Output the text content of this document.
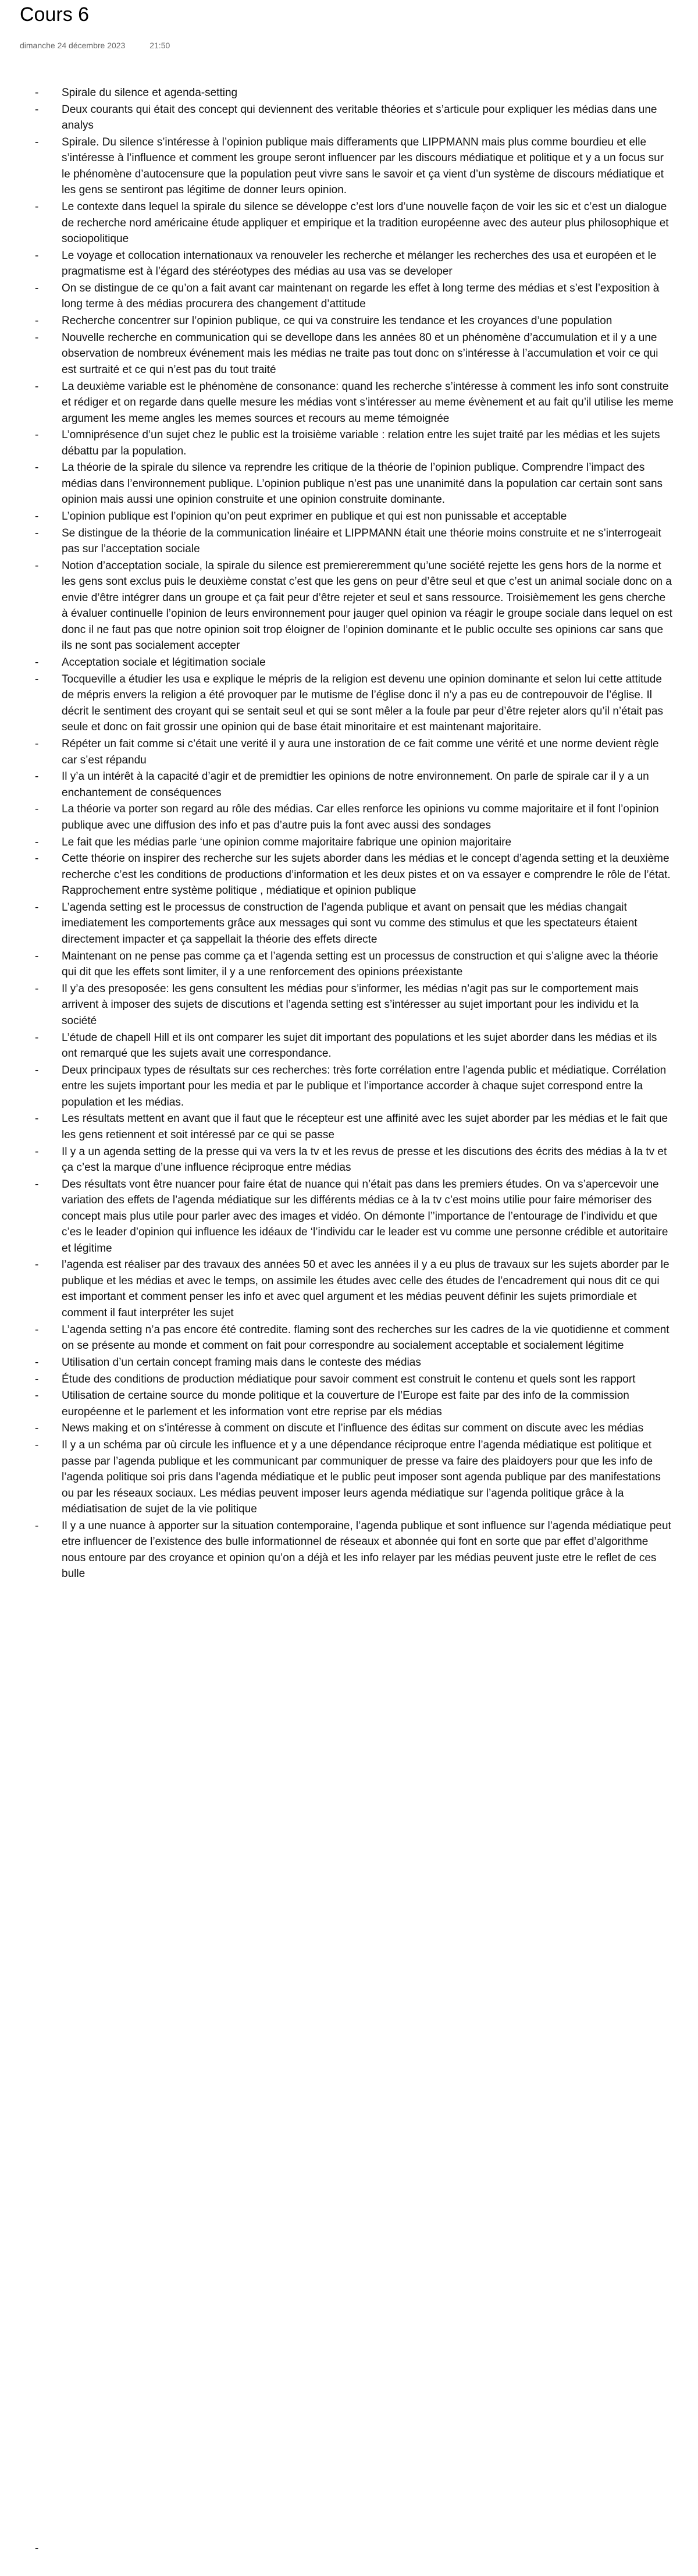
Cours 6
dimanche 24 décembre 2023	21:50
- Spirale du silence et agenda-setting
- Deux courants qui était des concept qui deviennent des veritable théories et s’articule pour expliquer les médias dans une analys
- Spirale. Du silence s’intéresse à l’opinion publique mais differaments que LIPPMANN mais plus comme bourdieu et elle s’intéresse à l’influence et comment les groupe seront influencer par les discours médiatique et politique et y a un focus sur le phénomène d’autocensure que la population peut vivre sans le savoir et ça vient d’un système de discours médiatique et les gens se sentiront pas légitime de donner leurs opinion.
- Le contexte dans lequel la spirale du silence se développe c’est lors d’une nouvelle façon de voir les sic et c’est un dialogue de recherche nord américaine étude appliquer et empirique et la tradition européenne avec des auteur plus philosophique et sociopolitique
- Le voyage et collocation internationaux va renouveler les recherche et mélanger les recherches des usa et européen et le pragmatisme est à l’égard des stéréotypes des médias au usa vas se developer
- On se distingue de ce qu’on a fait avant car maintenant on regarde les effet à long terme des médias et s’est l’exposition à long terme à des médias procurera des changement d’attitude
- Recherche concentrer sur l’opinion publique, ce qui va construire les tendance et les croyances d’une population
- Nouvelle recherche en communication qui se devellope dans les années 80 et un phénomène d’accumulation et il y a une observation de nombreux événement mais les médias ne traite pas tout donc on s’intéresse à l’accumulation et voir ce qui est surtraité et ce qui n’est pas du tout traité
- La deuxième variable est le phénomène de consonance: quand les recherche s’intéresse à comment les info sont construite et rédiger et on regarde dans quelle mesure les médias vont s’intéresser au meme évènement et au fait qu’il utilise les meme argument les meme angles les memes sources et recours au meme témoignée
- L’omniprésence d’un sujet chez le public est la troisième variable : relation entre les sujet traité par les médias et les sujets débattu par la population.
- La théorie de la spirale du silence va reprendre les critique de la théorie de l’opinion publique. Comprendre l’impact des médias dans l’environnement publique. L’opinion publique n’est pas une unanimité dans la population car certain sont sans opinion mais aussi une opinion construite et une opinion construite dominante.
- L’opinion publique est l’opinion qu’on peut exprimer en publique et qui est non punissable et acceptable
- Se distingue de la théorie de la communication linéaire et LIPPMANN était une théorie moins construite et ne s’interrogeait pas sur l’acceptation sociale
- Notion d’acceptation sociale, la spirale du silence est premiereremment qu’une société rejette les gens hors de la norme et les gens sont exclus puis le deuxième constat c’est que les gens on peur d’être seul et que c’est un animal sociale donc on a envie d’être intégrer dans un groupe et ça fait peur d’être rejeter et seul et sans ressource. Troisièmement les gens cherche à évaluer continuelle l’opinion de leurs environnement pour jauger quel opinion va réagir le groupe sociale dans lequel on est donc il ne faut pas que notre opinion soit trop éloigner de l’opinion dominante et le public occulte ses opinions car sans que ils ne sont pas socialement accepter
- Acceptation sociale et légitimation sociale
- Tocqueville a étudier les usa e explique le mépris de la religion est devenu une opinion dominante et selon lui cette attitude de mépris envers la religion a été provoquer par le mutisme de l’église donc il n’y a pas eu de contrepouvoir de l’église. Il décrit le sentiment des croyant qui se sentait seul et qui se sont mêler a la foule par peur d’être rejeter alors qu’il n’était pas seule et donc on fait grossir une opinion qui de base était minoritaire et est maintenant majoritaire.
- Répéter un fait comme si c’était une verité il y aura une instoration de ce fait comme une vérité et une norme devient règle car s’est répandu
- Il y’a un intérêt à la capacité d’agir et de premidtier les opinions de notre environnement. On parle de spirale car il y a un enchantement de conséquences
- La théorie va porter son regard au rôle des médias. Car elles renforce les opinions vu comme majoritaire et il font l’opinion publique avec une diffusion des info et pas d’autre puis la font avec aussi des sondages
- Le fait que les médias parle ‘une opinion comme majoritaire fabrique une opinion majoritaire
- Cette théorie on inspirer des recherche sur les sujets aborder dans les médias et le concept d’agenda setting et la deuxième recherche c’est les conditions de productions d’information et les deux pistes et on va essayer e comprendre le rôle de l’état. Rapprochement entre système politique , médiatique et opinion publique
- L’agenda setting est le processus de construction de l’agenda publique et avant on pensait que les médias changait imediatement les comportements grâce aux messages qui sont vu comme des stimulus et que les spectateurs étaient directement impacter et ça sappellait la théorie des effets directe
- Maintenant on ne pense pas comme ça et l’agenda setting est un processus de construction et qui s’aligne avec la théorie qui dit que les effets sont limiter, il y a une renforcement des opinions préexistante
- Il y’a des presoposée: les gens consultent les médias pour s’informer, les médias n’agit pas sur le comportement mais arrivent à imposer des sujets de discutions et l’agenda setting est s’intéresser au sujet important pour les individu et la société
- L’étude de chapell Hill et ils ont comparer les sujet dit important des populations et les sujet aborder dans les médias et ils ont remarqué que les sujets avait une correspondance.
- Deux principaux types de résultats sur ces recherches: très forte corrélation entre l’agenda public et médiatique. Corrélation entre les sujets important pour les media et par le publique et l’importance accorder à chaque sujet correspond entre la population et les médias.
- Les résultats mettent en avant que il faut que le récepteur est une affinité avec les sujet aborder par les médias et le fait que les gens retiennent et soit intéressé par ce qui se passe
- Il y a un agenda setting de la presse qui va vers la tv et les revus de presse et les discutions des écrits des médias à la tv et ça c’est la marque d’une influence réciproque entre médias
- Des résultats vont être nuancer pour faire état de nuance qui n’était pas dans les premiers études. On va s’apercevoir une variation des effets de l’agenda médiatique sur les différents médias ce à la tv c’est moins utilie pour faire mémoriser des concept mais plus utile pour parler avec des images et vidéo. On démonte l’’importance de l’entourage de l’individu et que c’es le leader d’opinion qui influence les idéaux de ‘l’individu car le leader est vu comme une personne crédible et autoritaire et légitime
- l’agenda est réaliser par des travaux des années 50 et avec les années il y a eu plus de travaux sur les sujets aborder par le publique et les médias et avec le temps, on assimile les études avec celle des études de l’encadrement qui nous dit ce qui est important et comment penser les info et avec quel argument et les médias peuvent définir les sujets primordiale et comment il faut interpréter les sujet
- L’agenda setting n’a pas encore été contredite. flaming sont des recherches sur les cadres de la vie quotidienne et comment on se présente au monde et comment on fait pour correspondre au socialement acceptable et socialement légitime
- Utilisation d’un certain concept framing mais dans le conteste des médias
- Étude des conditions de production médiatique pour savoir comment est construit le contenu et quels sont les rapport
- Utilisation de certaine source du monde politique et la couverture de l’Europe est faite par des info de la commission européenne et le parlement et les information vont etre reprise par els médias
- News making et on s’intéresse à comment on discute et l’influence des éditas sur comment on discute avec les médias
- Il y a un schéma par où circule les influence et y a une dépendance réciproque entre l’agenda médiatique est politique et passe par l’agenda publique et les communicant par communiquer de presse va faire des plaidoyers pour que les info de l’agenda politique soi pris dans l’agenda médiatique et le public peut imposer sont agenda publique par des manifestations ou par les réseaux sociaux. Les médias peuvent imposer leurs agenda médiatique sur l’agenda politique grâce à la médiatisation de sujet de la vie politique
- Il y a une nuance à apporter sur la situation contemporaine, l’agenda publique et sont influence sur l’agenda médiatique peut etre influencer de l’existence des bulle informationnel de réseaux et abonnée qui font en sorte que par effet d’algorithme nous entoure par des croyance et opinion qu’on a déjà et les info relayer par les médias peuvent juste etre le reflet de ces bulle
-
